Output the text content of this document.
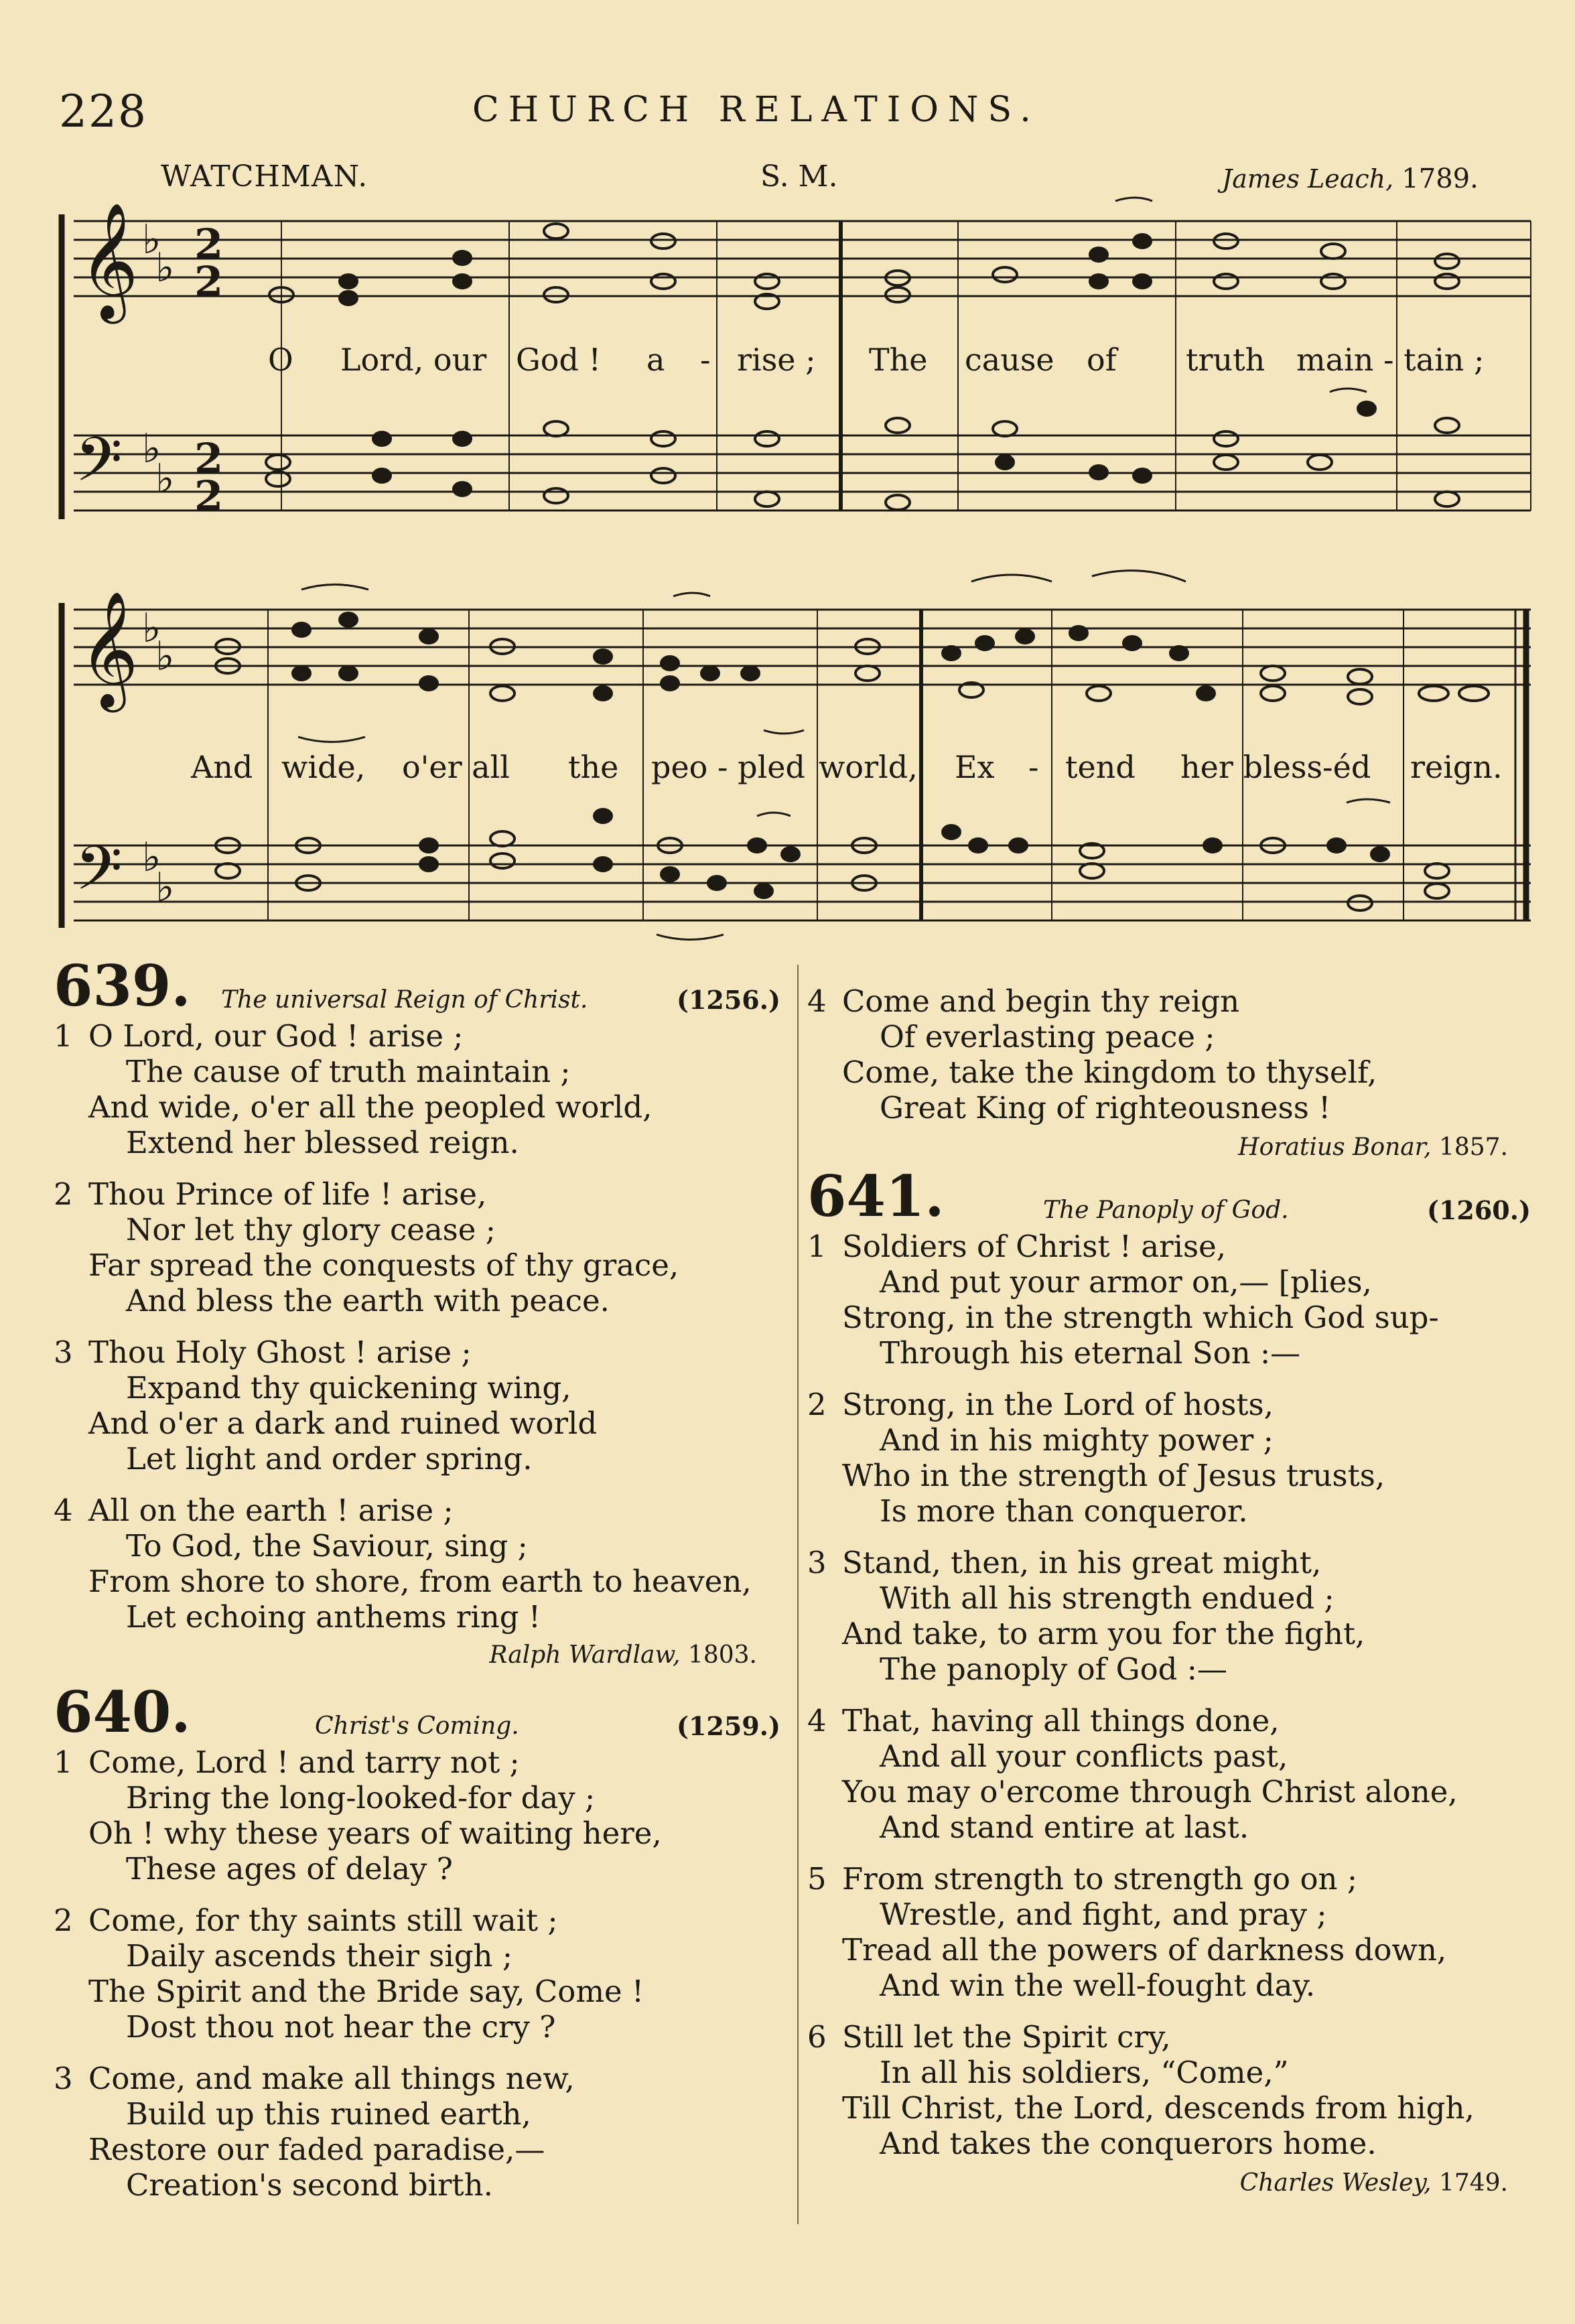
228	CHURCH RELATIONS.
WATCHMAN.	S. M.	James Leach, 1789.
𝄞
𝄞
𝄢
𝄢
♭
♭
♭
♭
♭
♭
♭
♭
2
2
2
2

O

Lord, our

God !

a

-

rise ;

The

cause

of

truth

main - tain ;

And

wide,

o'er all

the

peo - pled

world,

Ex

-

tend

her bless-éd

reign.

639. The universal Reign of Christ.	(1256.)
1 O Lord, our God ! arise ;
The cause of truth maintain ;
And wide, o'er all the peopled world,
Extend her blessed reign.
2 Thou Prince of life ! arise,
Nor let thy glory cease ;
Far spread the conquests of thy grace,
And bless the earth with peace.
3 Thou Holy Ghost ! arise ;
Expand thy quickening wing,
And o'er a dark and ruined world
Let light and order spring.
4 All on the earth ! arise ;
To God, the Saviour, sing ;
From shore to shore, from earth to heaven,
Let echoing anthems ring !
Ralph Wardlaw, 1803.
640.	Christ's Coming.	(1259.)
1 Come, Lord ! and tarry not ;
Bring the long-looked-for day ;
Oh ! why these years of waiting here,
These ages of delay ?
2 Come, for thy saints still wait ;
Daily ascends their sigh ;
The Spirit and the Bride say, Come !
Dost thou not hear the cry ?
3 Come, and make all things new,
Build up this ruined earth,
Restore our faded paradise,—
Creation's second birth.
4 Come and begin thy reign
Of everlasting peace ;
Come, take the kingdom to thyself,
Great King of righteousness !
Horatius Bonar, 1857.
641.	The Panoply of God.	(1260.)
1 Soldiers of Christ ! arise,
And put your armor on,— [plies,
Strong, in the strength which God sup-
Through his eternal Son :—
2 Strong, in the Lord of hosts,
And in his mighty power ;
Who in the strength of Jesus trusts,
Is more than conqueror.
3 Stand, then, in his great might,
With all his strength endued ;
And take, to arm you for the fight,
The panoply of God :—
4 That, having all things done,
And all your conflicts past,
You may o'ercome through Christ alone,
And stand entire at last.
5 From strength to strength go on ;
Wrestle, and fight, and pray ;
Tread all the powers of darkness down,
And win the well-fought day.
6 Still let the Spirit cry,
In all his soldiers, “Come,”
Till Christ, the Lord, descends from high,
And takes the conquerors home.
Charles Wesley, 1749.
